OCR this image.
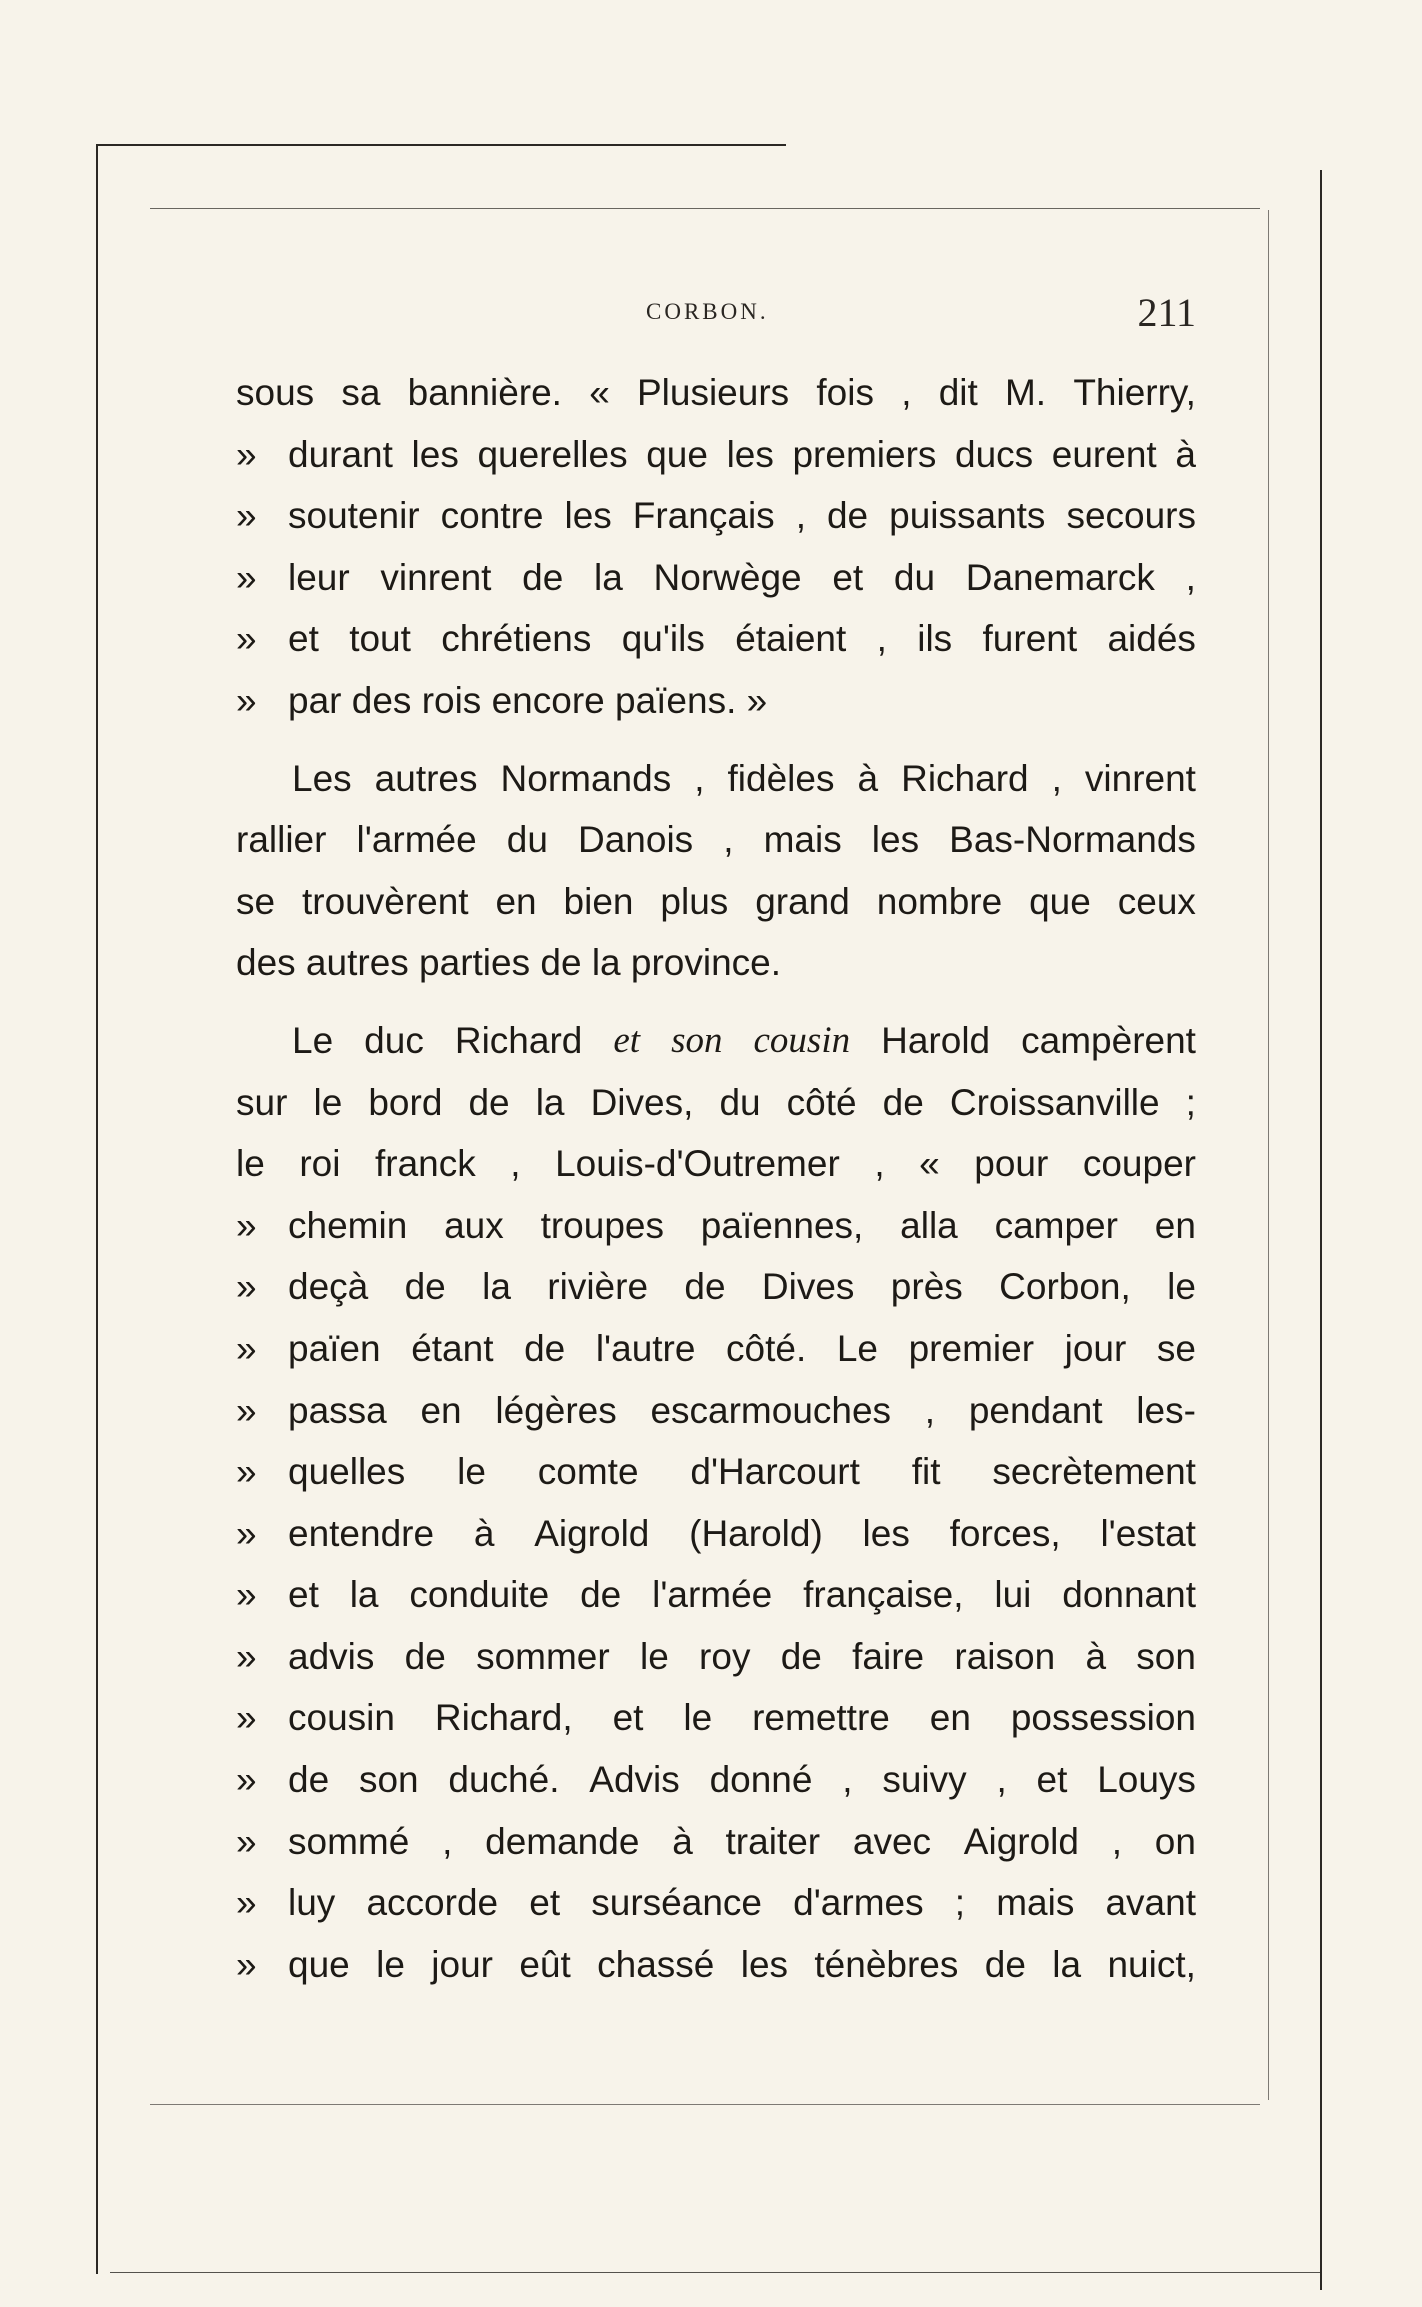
CORBON.	211
sous sa bannière. « Plusieurs fois , dit M. Thierry,
» durant les querelles que les premiers ducs eurent à
» soutenir contre les Français , de puissants secours
» leur vinrent de la Norwège et du Danemarck ,
» et tout chrétiens qu'ils étaient , ils furent aidés
» par des rois encore païens. »
Les autres Normands , fidèles à Richard , vinrent
rallier l'armée du Danois , mais les Bas-Normands
se trouvèrent en bien plus grand nombre que ceux
des autres parties de la province.
Le duc Richard et son cousin Harold campèrent
sur le bord de la Dives, du côté de Croissanville ;
le roi franck , Louis-d'Outremer , « pour couper
» chemin aux troupes païennes, alla camper en
» deçà de la rivière de Dives près Corbon, le
» païen étant de l'autre côté. Le premier jour se
» passa en légères escarmouches , pendant les-
» quelles le comte d'Harcourt fit secrètement
» entendre à Aigrold (Harold) les forces, l'estat
» et la conduite de l'armée française, lui donnant
» advis de sommer le roy de faire raison à son
» cousin Richard, et le remettre en possession
» de son duché. Advis donné , suivy , et Louys
» sommé , demande à traiter avec Aigrold , on
» luy accorde et surséance d'armes ; mais avant
» que le jour eût chassé les ténèbres de la nuict,
